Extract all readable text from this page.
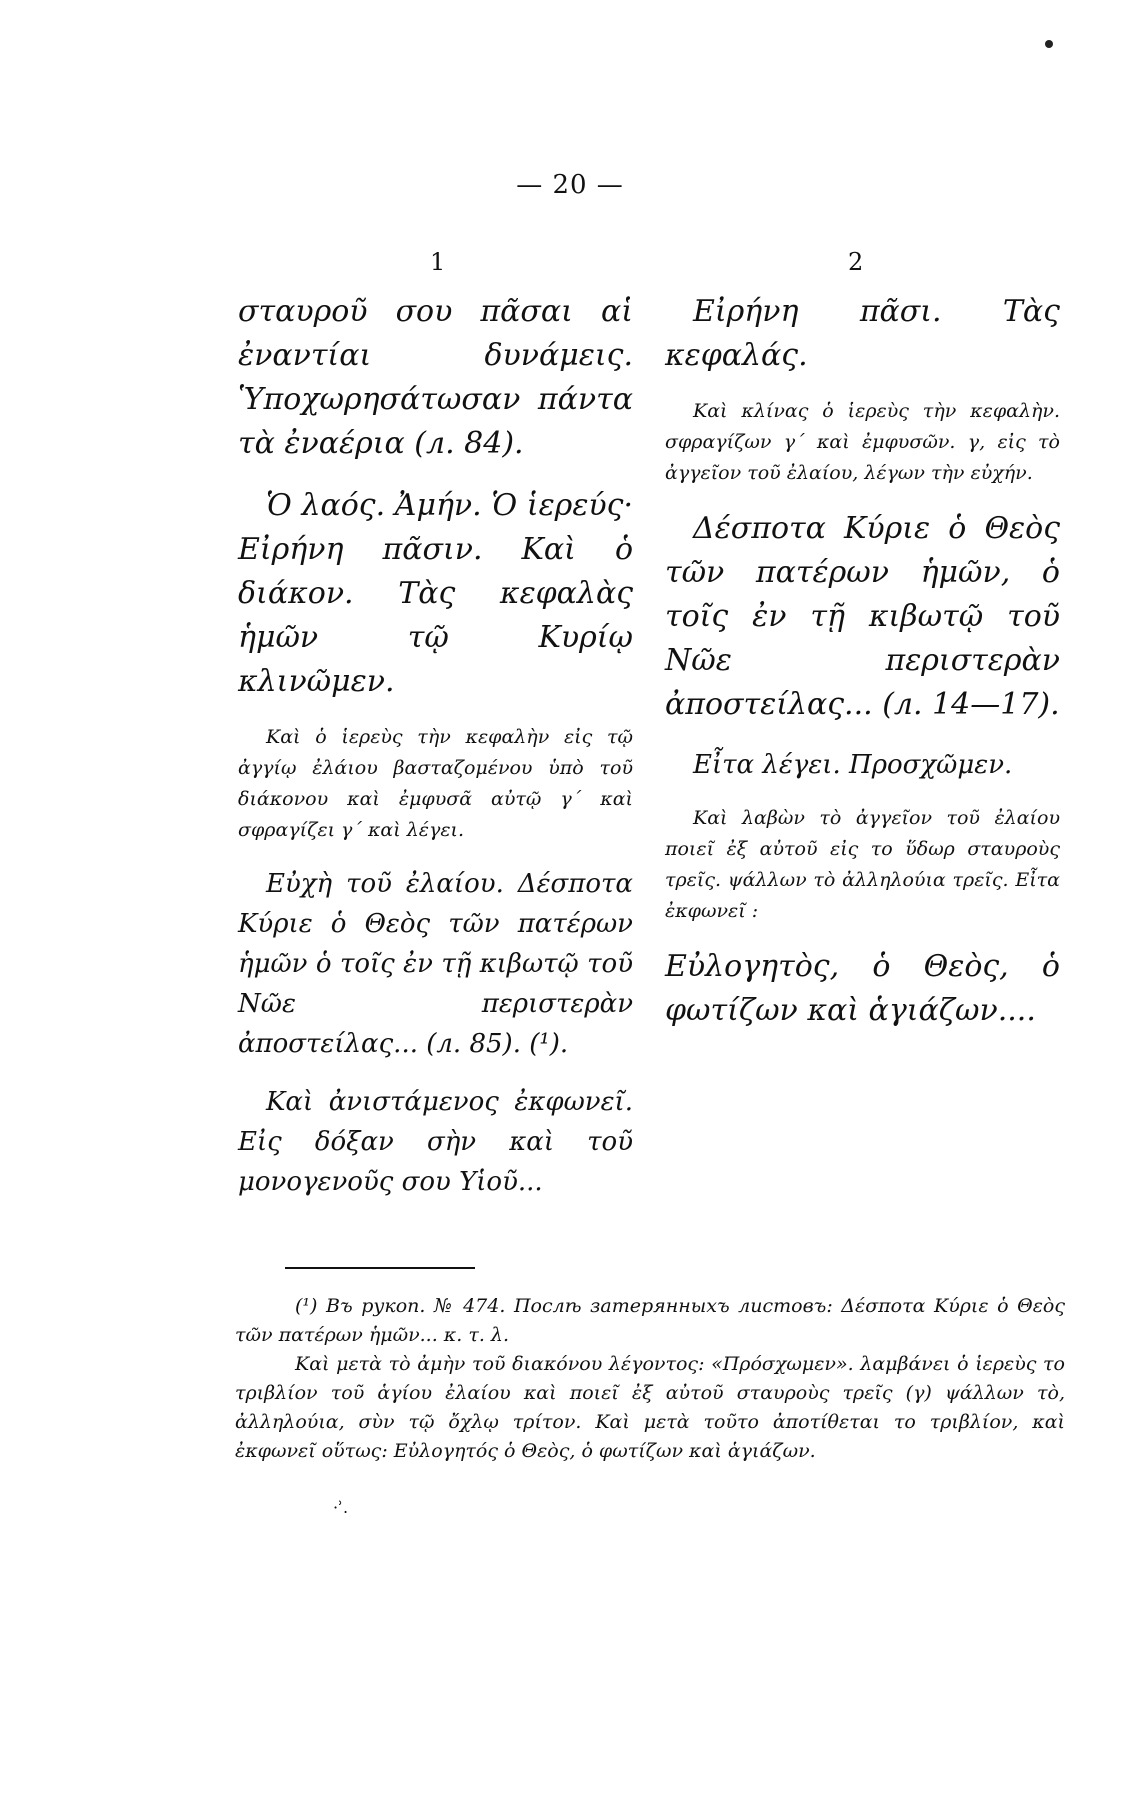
— 20 —
1	2

σταυροῦ σου πᾶσαι αἱ ἐναντίαι δυνάμεις. Ὑποχωρησάτωσαν πάντα τὰ ἐναέρια (л. 84).

Ὁ λαός. Ἀμήν. Ὁ ἱερεύς· Εἰρήνη πᾶσιν. Καὶ ὁ διάκον. Τὰς κεφαλὰς ἡμῶν τῷ Κυρίῳ κλινῶμεν.

Καὶ ὁ ἱερεὺς τὴν κεφαλὴν εἰς τῷ ἀγγίῳ ἐλάιου βασταζομένου ὑπὸ τοῦ διάκονου καὶ ἐμφυσᾶ αὐτῷ γ΄ καὶ σφραγίζει γ΄ καὶ λέγει.

Εὐχὴ τοῦ ἐλαίου. Δέσποτα Κύριε ὁ Θεὸς τῶν πατέρων ἡμῶν ὁ τοῖς ἐν τῇ κιβωτῷ τοῦ Νῶε περιστερὰν ἀποστείλας... (л. 85). (¹).

Καὶ ἀνιστάμενος ἐκφωνεῖ. Εἰς δόξαν σὴν καὶ τοῦ μονογενοῦς σου Υἱοῦ...

Εἰρήνη πᾶσι. Τὰς κεφαλάς.

Καὶ κλίνας ὁ ἱερεὺς τὴν κεφαλὴν. σφραγίζων γ΄ καὶ ἐμφυσῶν. γ, εἰς τὸ ἀγγεῖον τοῦ ἐλαίου, λέγων τὴν εὐχήν.

Δέσποτα Κύριε ὁ Θεὸς τῶν πατέρων ἡμῶν, ὁ τοῖς ἐν τῇ κιβωτῷ τοῦ Νῶε περιστερὰν ἀποστείλας... (л. 14—17).

Εἶτα λέγει. Προσχῶμεν.

Καὶ λαβὼν τὸ ἀγγεῖον τοῦ ἐλαίου ποιεῖ ἐξ αὐτοῦ εἰς το ὕδωρ σταυροὺς τρεῖς. ψάλλων τὸ ἀλληλούια τρεῖς. Εἶτα ἐκφωνεῖ :

Εὐλογητὸς, ὁ Θεὸς, ὁ φωτίζων καὶ ἁγιάζων....

(¹) Въ рукоп. № 474. Послѣ затерянныхъ листовъ: Δέσποτα Κύριε ὁ Θεὸς τῶν πατέρων ἡμῶν... κ. τ. λ.

Καὶ μετὰ τὸ ἀμὴν τοῦ διακόνου λέγοντος: «Πρόσχωμεν». λαμβάνει ὁ ἱερεὺς το τριβλίον τοῦ ἁγίου ἐλαίου καὶ ποιεῖ ἐξ αὐτοῦ σταυροὺς τρεῖς (γ) ψάλλων τὸ, ἀλληλούια, σὺν τῷ ὄχλῳ τρίτον. Καὶ μετὰ τοῦτο ἀποτίθεται το τριβλίον, καὶ ἐκφωνεῖ οὕτως: Εὐλογητός ὁ Θεὸς, ὁ φωτίζων καὶ ἁγιάζων.

·ʾ.
